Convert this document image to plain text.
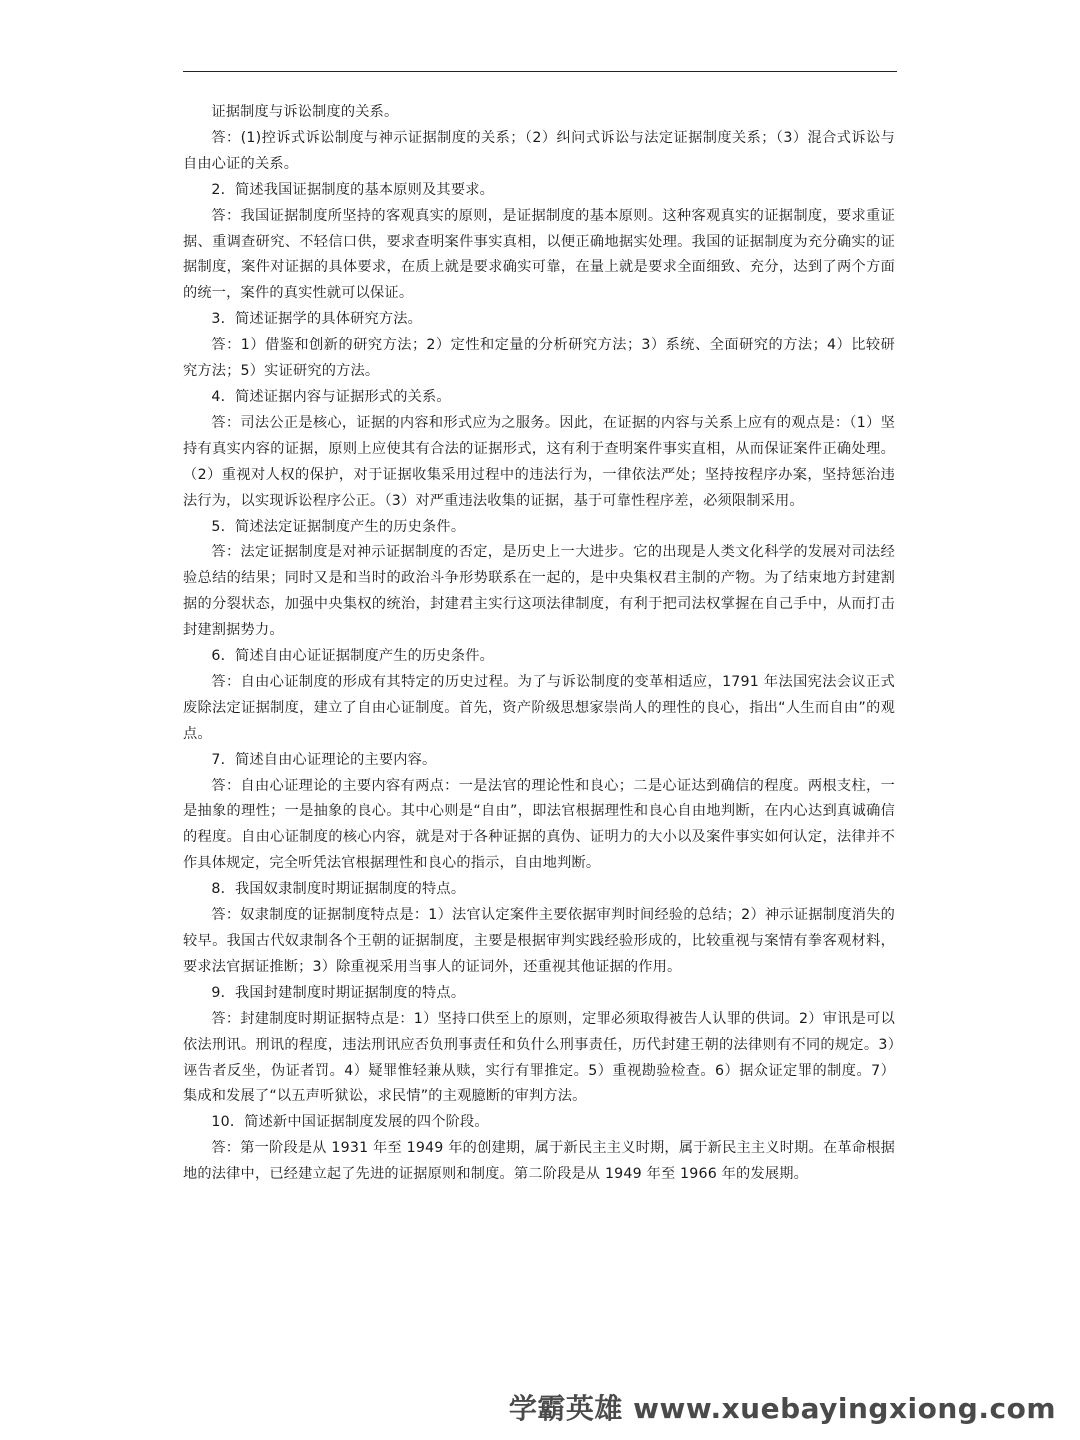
证据制度与诉讼制度的关系。

答：(1)控诉式诉讼制度与神示证据制度的关系；（2）纠问式诉讼与法定证据制度关系；（3）混合式诉讼与自由心证的关系。

2．简述我国证据制度的基本原则及其要求。

答：我国证据制度所坚持的客观真实的原则，是证据制度的基本原则。这种客观真实的证据制度，要求重证据、重调查研究、不轻信口供，要求查明案件事实真相，以便正确地据实处理。我国的证据制度为充分确实的证据制度，案件对证据的具体要求，在质上就是要求确实可靠，在量上就是要求全面细致、充分，达到了两个方面的统一，案件的真实性就可以保证。

3．简述证据学的具体研究方法。

答：1）借鉴和创新的研究方法；2）定性和定量的分析研究方法；3）系统、全面研究的方法；4）比较研究方法；5）实证研究的方法。

4．简述证据内容与证据形式的关系。

答：司法公正是核心，证据的内容和形式应为之服务。因此，在证据的内容与关系上应有的观点是：（1）坚持有真实内容的证据，原则上应使其有合法的证据形式，这有利于查明案件事实直相，从而保证案件正确处理。（2）重视对人权的保护，对于证据收集采用过程中的违法行为，一律依法严处；坚持按程序办案，坚持惩治违法行为，以实现诉讼程序公正。（3）对严重违法收集的证据，基于可靠性程序差，必须限制采用。

5．简述法定证据制度产生的历史条件。

答：法定证据制度是对神示证据制度的否定，是历史上一大进步。它的出现是人类文化科学的发展对司法经验总结的结果；同时又是和当时的政治斗争形势联系在一起的，是中央集权君主制的产物。为了结束地方封建割据的分裂状态，加强中央集权的统治，封建君主实行这项法律制度，有利于把司法权掌握在自己手中，从而打击封建割据势力。

6．简述自由心证证据制度产生的历史条件。

答：自由心证制度的形成有其特定的历史过程。为了与诉讼制度的变革相适应，1791 年法国宪法会议正式废除法定证据制度，建立了自由心证制度。首先，资产阶级思想家崇尚人的理性的良心，指出“人生而自由”的观点。

7．简述自由心证理论的主要内容。

答：自由心证理论的主要内容有两点：一是法官的理论性和良心；二是心证达到确信的程度。两根支柱，一是抽象的理性；一是抽象的良心。其中心则是“自由”，即法官根据理性和良心自由地判断，在内心达到真诚确信的程度。自由心证制度的核心内容，就是对于各种证据的真伪、证明力的大小以及案件事实如何认定，法律并不作具体规定，完全听凭法官根据理性和良心的指示，自由地判断。

8．我国奴隶制度时期证据制度的特点。

答：奴隶制度的证据制度特点是：1）法官认定案件主要依据审判时间经验的总结；2）神示证据制度消失的较早。我国古代奴隶制各个王朝的证据制度，主要是根据审判实践经验形成的，比较重视与案情有拳客观材料，要求法官据证推断；3）除重视采用当事人的证词外，还重视其他证据的作用。

9．我国封建制度时期证据制度的特点。

答：封建制度时期证据特点是：1）坚持口供至上的原则，定罪必须取得被告人认罪的供词。2）审讯是可以依法刑讯。刑讯的程度，违法刑讯应否负刑事责任和负什么刑事责任，历代封建王朝的法律则有不同的规定。3）诬告者反坐，伪证者罚。4）疑罪惟轻兼从赎，实行有罪推定。5）重视勘验检查。6）据众证定罪的制度。7）集成和发展了“以五声听狱讼，求民情”的主观臆断的审判方法。

10．简述新中国证据制度发展的四个阶段。

答：第一阶段是从 1931 年至 1949 年的创建期，属于新民主主义时期，属于新民主主义时期。在革命根据地的法律中，已经建立起了先进的证据原则和制度。第二阶段是从 1949 年至 1966 年的发展期。

学霸英雄 www.xuebayingxiong.com
